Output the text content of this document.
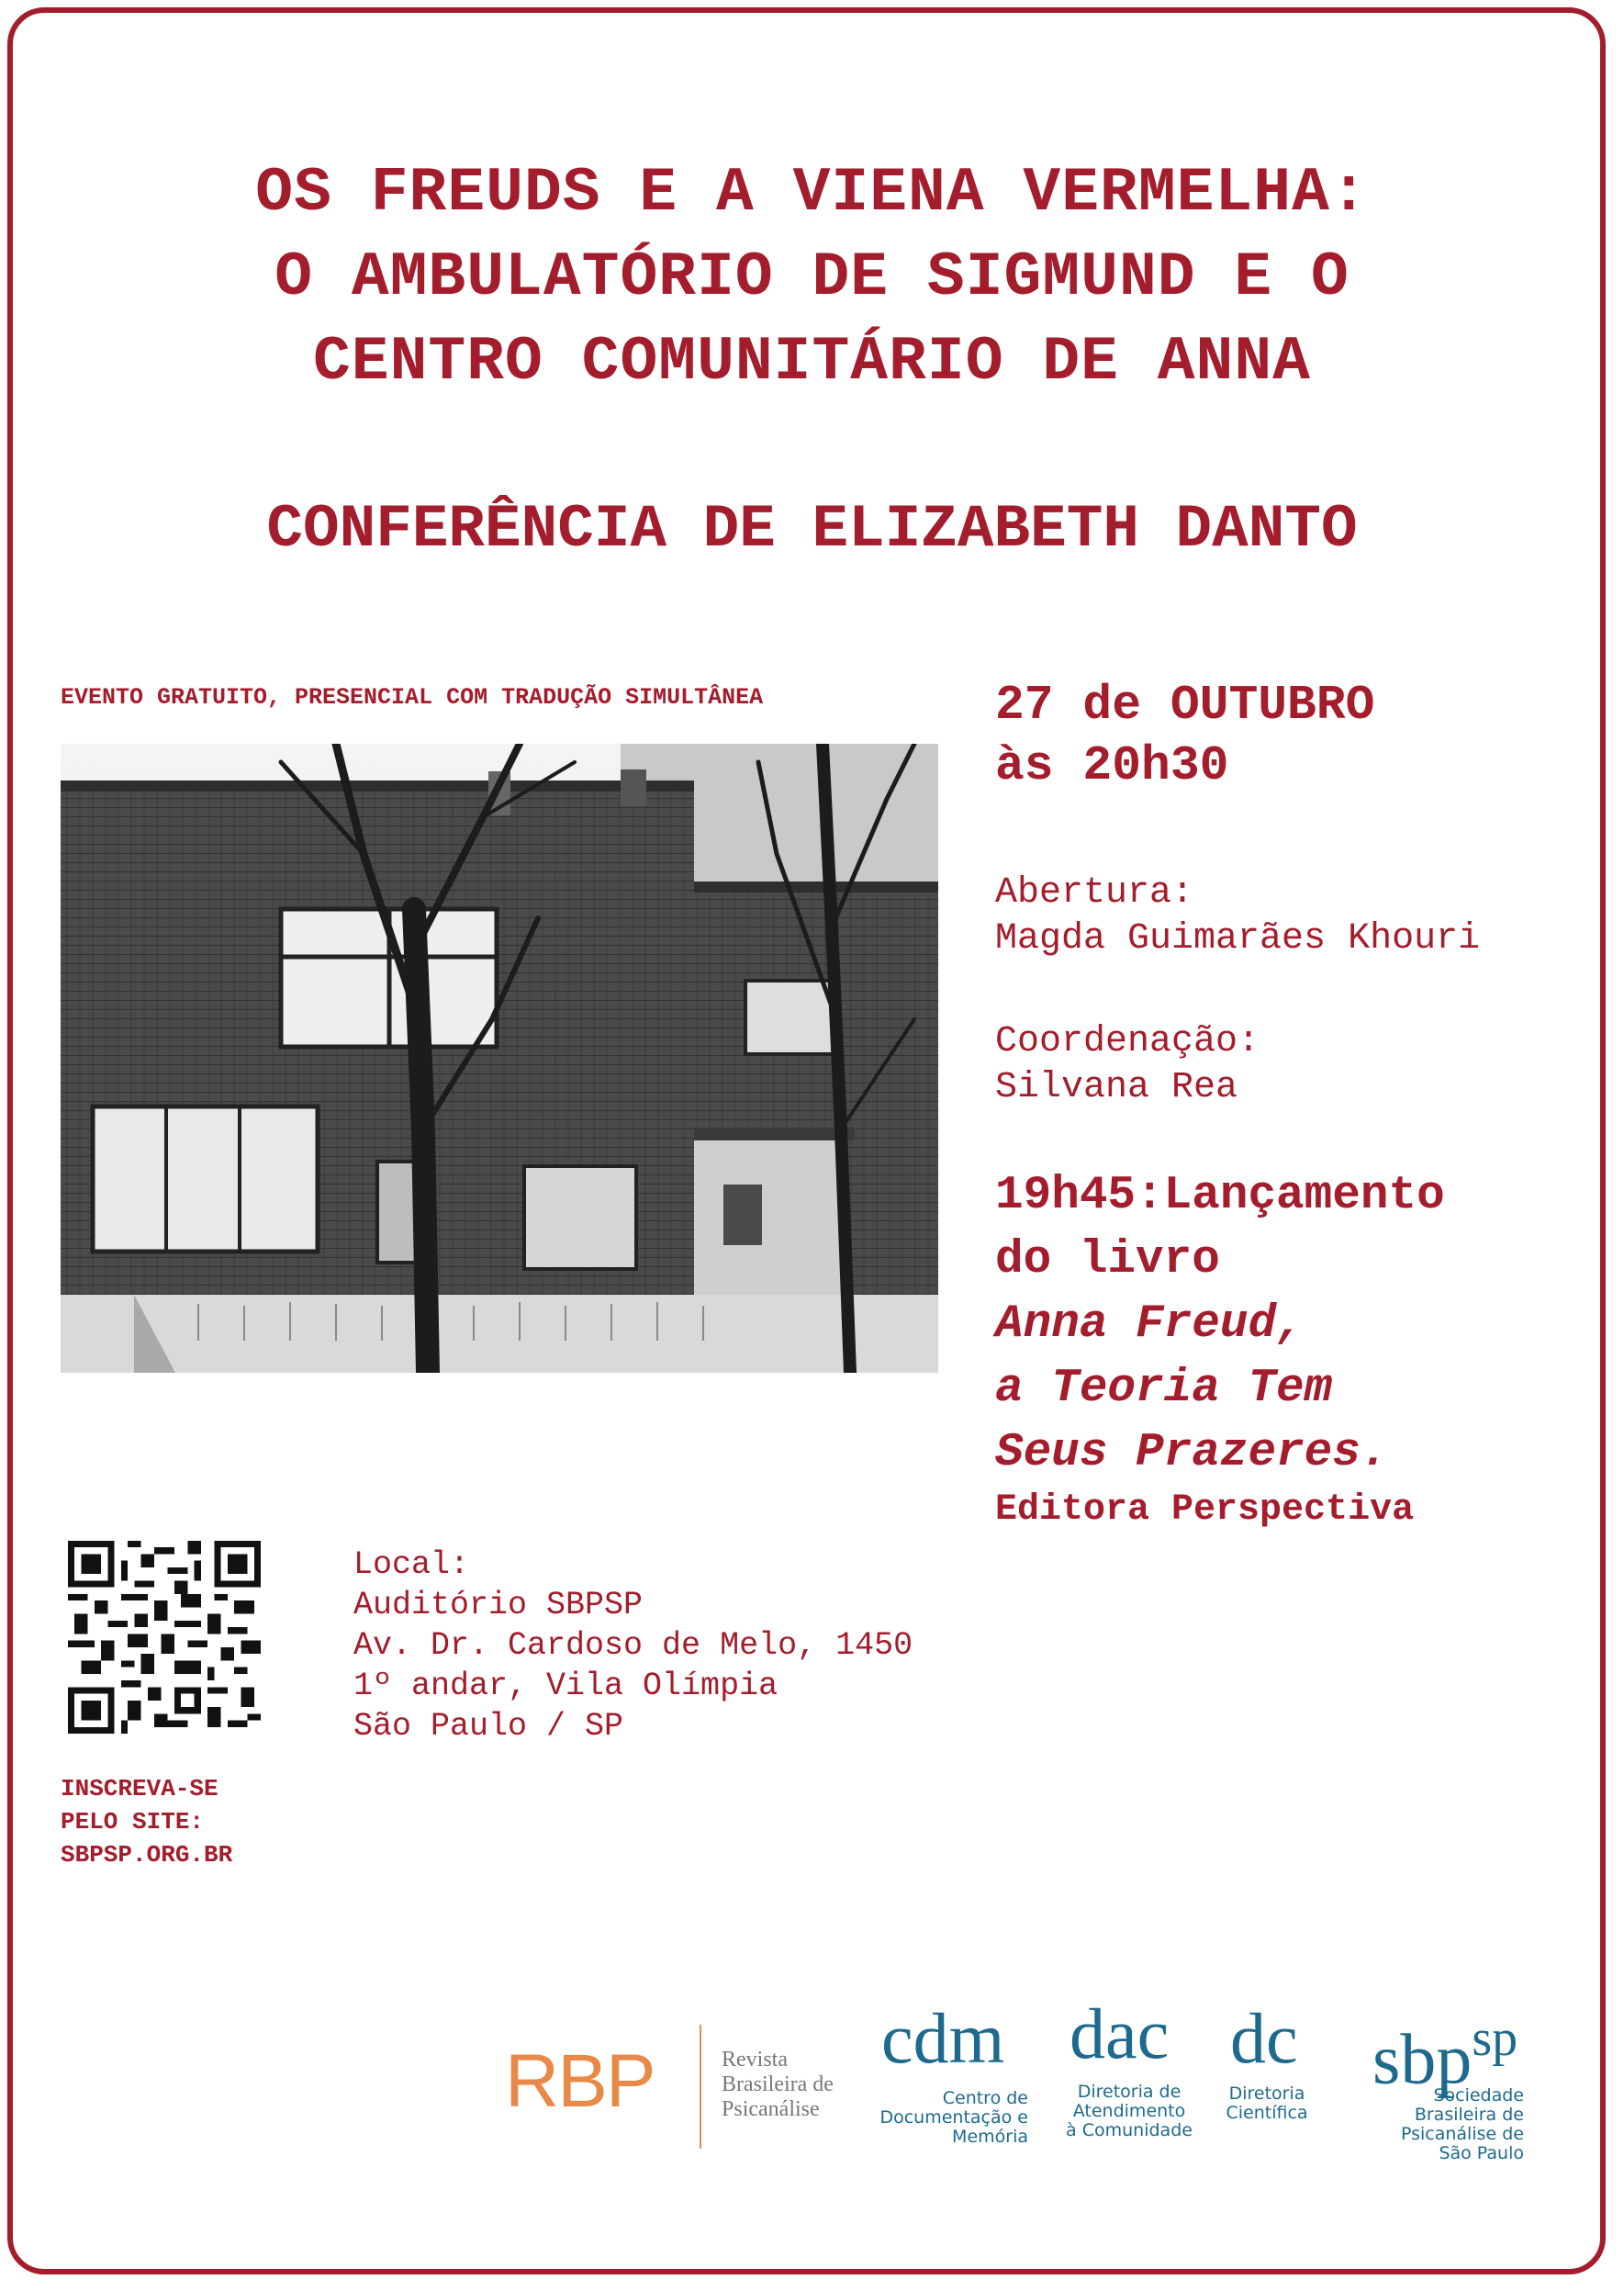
OS FREUDS E A VIENA VERMELHA:
O AMBULATÓRIO DE SIGMUND E O
CENTRO COMUNITÁRIO DE ANNA
CONFERÊNCIA DE ELIZABETH DANTO
EVENTO GRATUITO, PRESENCIAL COM TRADUÇÃO SIMULTÂNEA	27 de OUTUBRO
às 20h30
Abertura:
Magda Guimarães Khouri
Coordenação:
Silvana Rea
19h45:Lançamento
do livro
Anna Freud,
a Teoria Tem
Seus Prazeres.
Editora Perspectiva
Local:
Auditório SBPSP
Av. Dr. Cardoso de Melo, 1450
1º andar, Vila Olímpia
São Paulo / SP
INSCREVA-SE
PELO SITE:
SBPSP.ORG.BR
RBP	Revista
Brasileira de
Psicanálise
cdm
Centro de
Documentação e
Memória
dac
Diretoria de
Atendimento
à Comunidade
dc
Diretoria
Científica
sbp$^{sp}$
Sociedade
Brasileira de
Psicanálise de
São Paulo
